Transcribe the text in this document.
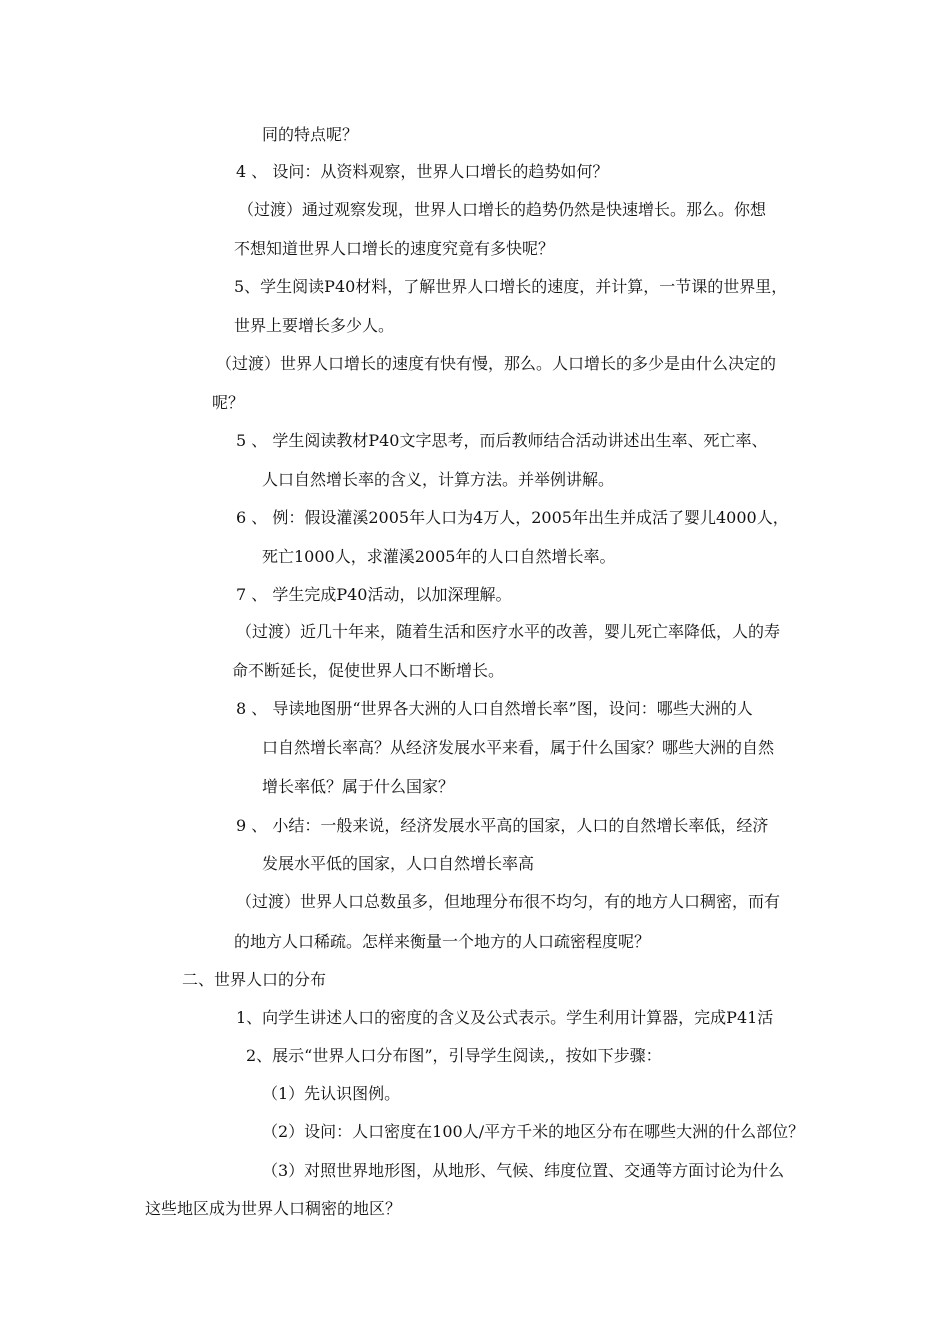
同的特点呢？
4 、 设问：从资料观察，世界人口增长的趋势如何？
（过渡）通过观察发现，世界人口增长的趋势仍然是快速增长。那么。你想
不想知道世界人口增长的速度究竟有多快呢？
5、学生阅读P40材料，了解世界人口增长的速度，并计算，一节课的世界里，
世界上要增长多少人。
（过渡）世界人口增长的速度有快有慢，那么。人口增长的多少是由什么决定的
呢？
5 、 学生阅读教材P40文字思考，而后教师结合活动讲述出生率、死亡率、
人口自然增长率的含义，计算方法。并举例讲解。
6 、 例：假设灌溪2005年人口为4万人，2005年出生并成活了婴儿4000人，
死亡1000人，求灌溪2005年的人口自然增长率。
7 、 学生完成P40活动，以加深理解。
（过渡）近几十年来，随着生活和医疗水平的改善，婴儿死亡率降低，人的寿
命不断延长，促使世界人口不断增长。
8 、 导读地图册“世界各大洲的人口自然增长率”图，设问：哪些大洲的人
口自然增长率高？从经济发展水平来看，属于什么国家？哪些大洲的自然
增长率低？属于什么国家？
9 、 小结：一般来说，经济发展水平高的国家，人口的自然增长率低，经济
发展水平低的国家，人口自然增长率高
（过渡）世界人口总数虽多，但地理分布很不均匀，有的地方人口稠密，而有
的地方人口稀疏。怎样来衡量一个地方的人口疏密程度呢？
二、世界人口的分布
1、向学生讲述人口的密度的含义及公式表示。学生利用计算器，完成P41活
2、展示“世界人口分布图”，引导学生阅读,，按如下步骤：
（1）先认识图例。
（2）设问：人口密度在100人/平方千米的地区分布在哪些大洲的什么部位？
（3）对照世界地形图，从地形、气候、纬度位置、交通等方面讨论为什么
这些地区成为世界人口稠密的地区？
